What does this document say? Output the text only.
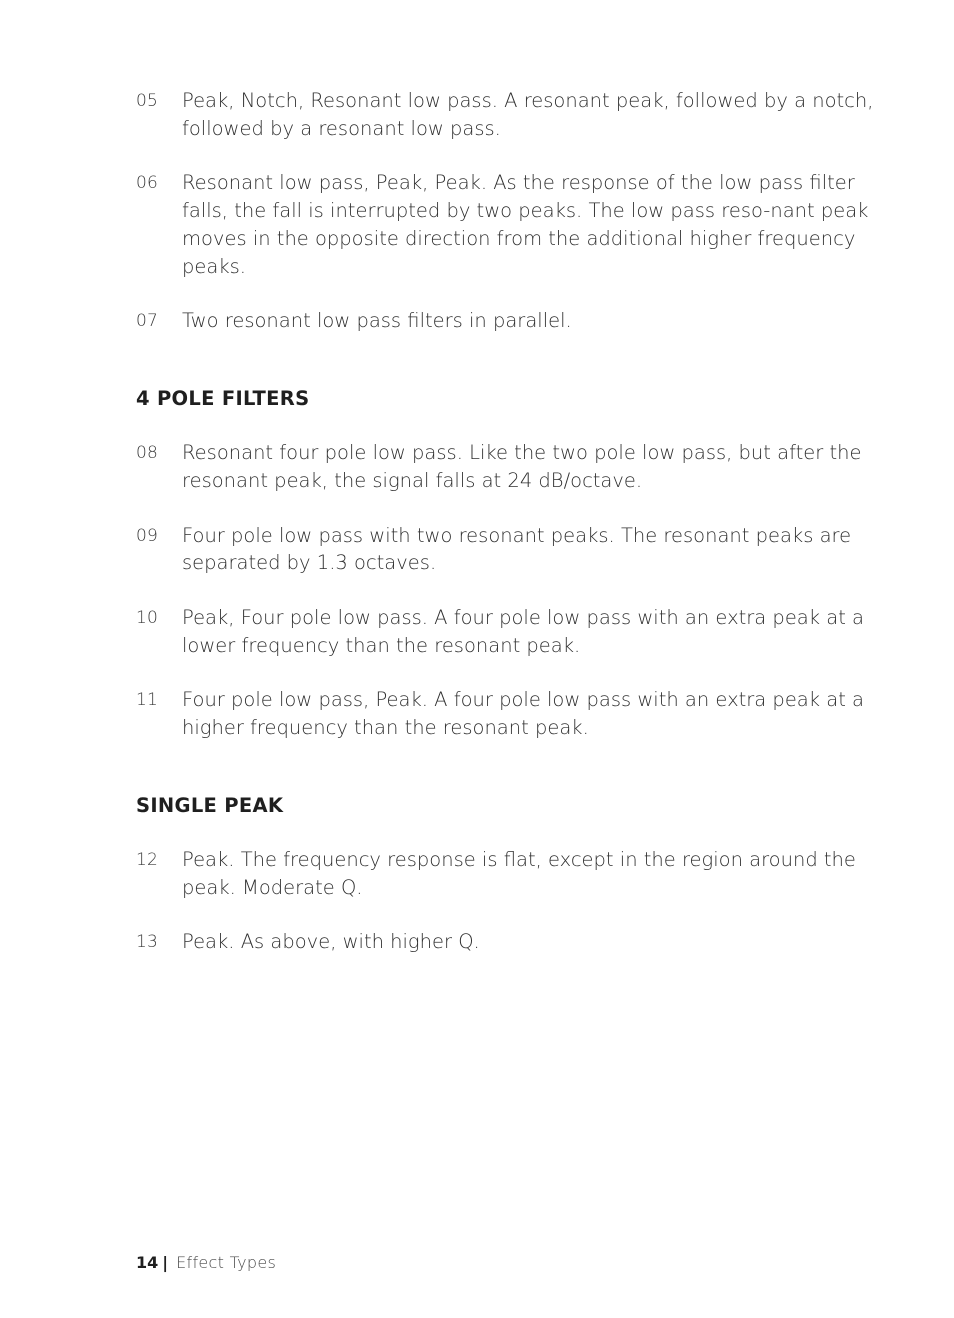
05	Peak, Notch, Resonant low pass. A resonant peak, followed by a notch, followed by a resonant low pass.
06	Resonant low pass, Peak, Peak. As the response of the low pass filter falls, the fall is interrupted by two peaks. The low pass reso-nant peak moves in the opposite direction from the additional higher frequency peaks.
07	Two resonant low pass filters in parallel.
4 POLE FILTERS
08	Resonant four pole low pass. Like the two pole low pass, but after the resonant peak, the signal falls at 24 dB/octave.
09	Four pole low pass with two resonant peaks. The resonant peaks are separated by 1.3 octaves.
10	Peak, Four pole low pass. A four pole low pass with an extra peak at a lower frequency than the resonant peak.
11	Four pole low pass, Peak. A four pole low pass with an extra peak at a higher frequency than the resonant peak.
SINGLE PEAK
12	Peak. The frequency response is flat, except in the region around the peak. Moderate Q.
13	Peak. As above, with higher Q.
14 | Effect Types
